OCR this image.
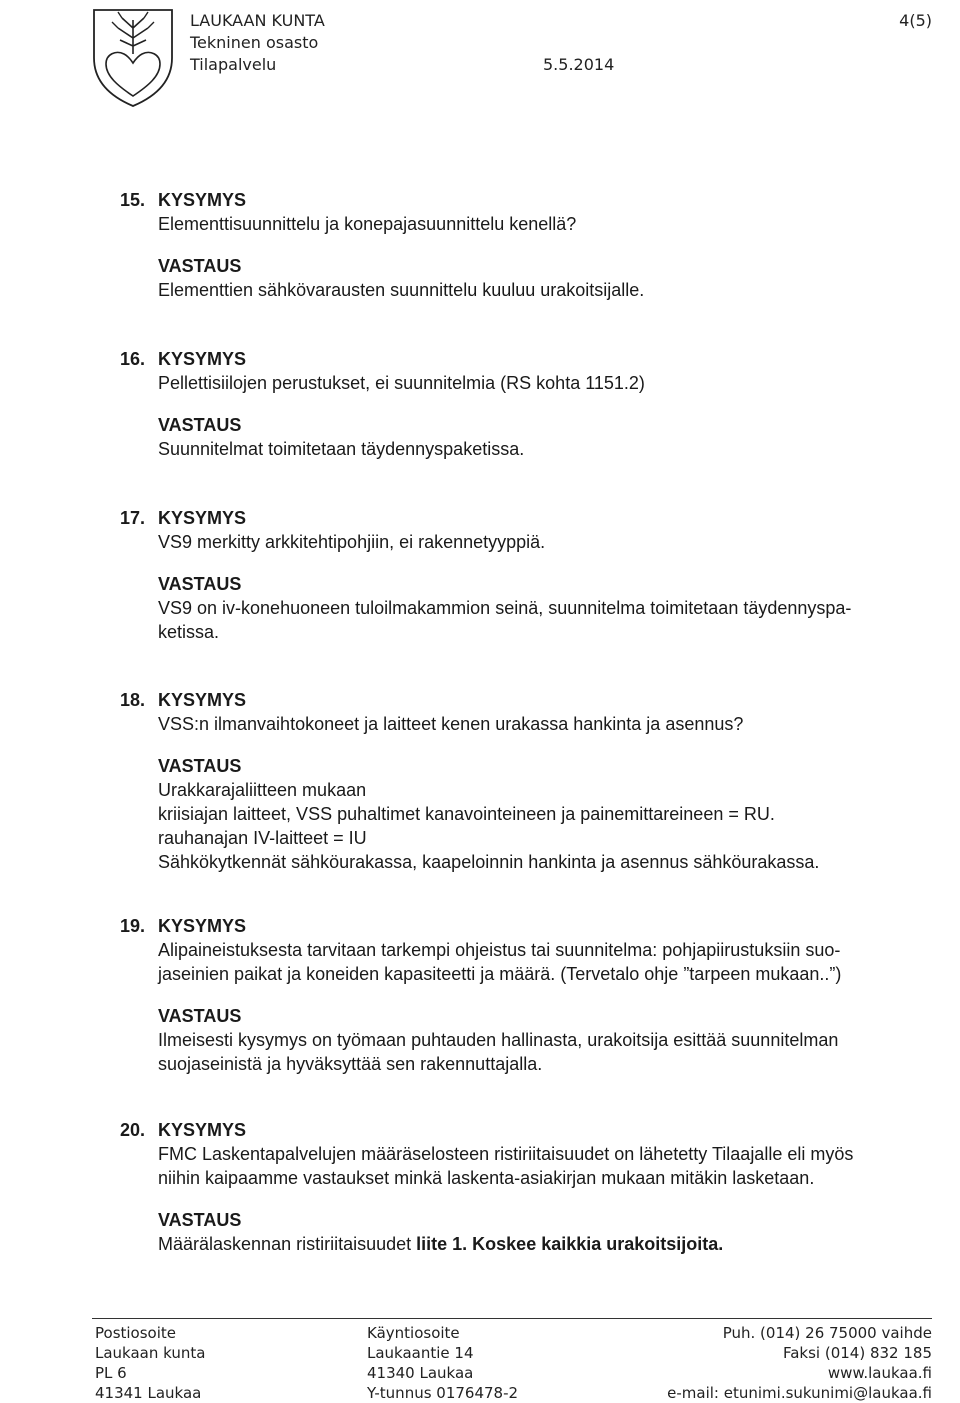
LAUKAAN KUNTA
Tekninen osasto
Tilapalvelu
4(5)
5.5.2014
15. KYSYMYS
Elementtisuunnittelu ja konepajasuunnittelu kenellä?
VASTAUS
Elementtien sähkövarausten suunnittelu kuuluu urakoitsijalle.
16. KYSYMYS
Pellettisiilojen perustukset, ei suunnitelmia (RS kohta 1151.2)
VASTAUS
Suunnitelmat toimitetaan täydennyspaketissa.
17. KYSYMYS
VS9 merkitty arkkitehtipohjiin, ei rakennetyyppiä.
VASTAUS
VS9 on iv-konehuoneen tuloilmakammion seinä, suunnitelma toimitetaan täydennyspa-
ketissa.
18. KYSYMYS
VSS:n ilmanvaihtokoneet ja laitteet kenen urakassa hankinta ja asennus?
VASTAUS
Urakkarajaliitteen mukaan
kriisiajan laitteet, VSS puhaltimet kanavointeineen ja painemittareineen = RU.
rauhanajan IV-laitteet = IU
Sähkökytkennät sähköurakassa, kaapeloinnin hankinta ja asennus sähköurakassa.
19. KYSYMYS
Alipaineistuksesta tarvitaan tarkempi ohjeistus tai suunnitelma: pohjapiirustuksiin suo-
jaseinien paikat ja koneiden kapasiteetti ja määrä. (Tervetalo ohje ”tarpeen mukaan..”)
VASTAUS
Ilmeisesti kysymys on työmaan puhtauden hallinasta, urakoitsija esittää suunnitelman
suojaseinistä ja hyväksyttää sen rakennuttajalla.
20. KYSYMYS
FMC Laskentapalvelujen määräselosteen ristiriitaisuudet on lähetetty Tilaajalle eli myös
niihin kaipaamme vastaukset minkä laskenta-asiakirjan mukaan mitäkin lasketaan.
VASTAUS
Määrälaskennan ristiriitaisuudet liite 1. Koskee kaikkia urakoitsijoita.
Postiosoite
Laukaan kunta
PL 6
41341 Laukaa
Käyntiosoite
Laukaantie 14
41340 Laukaa
Y-tunnus 0176478-2
Puh. (014) 26 75000 vaihde
Faksi (014) 832 185
www.laukaa.fi
e-mail: etunimi.sukunimi@laukaa.fi
